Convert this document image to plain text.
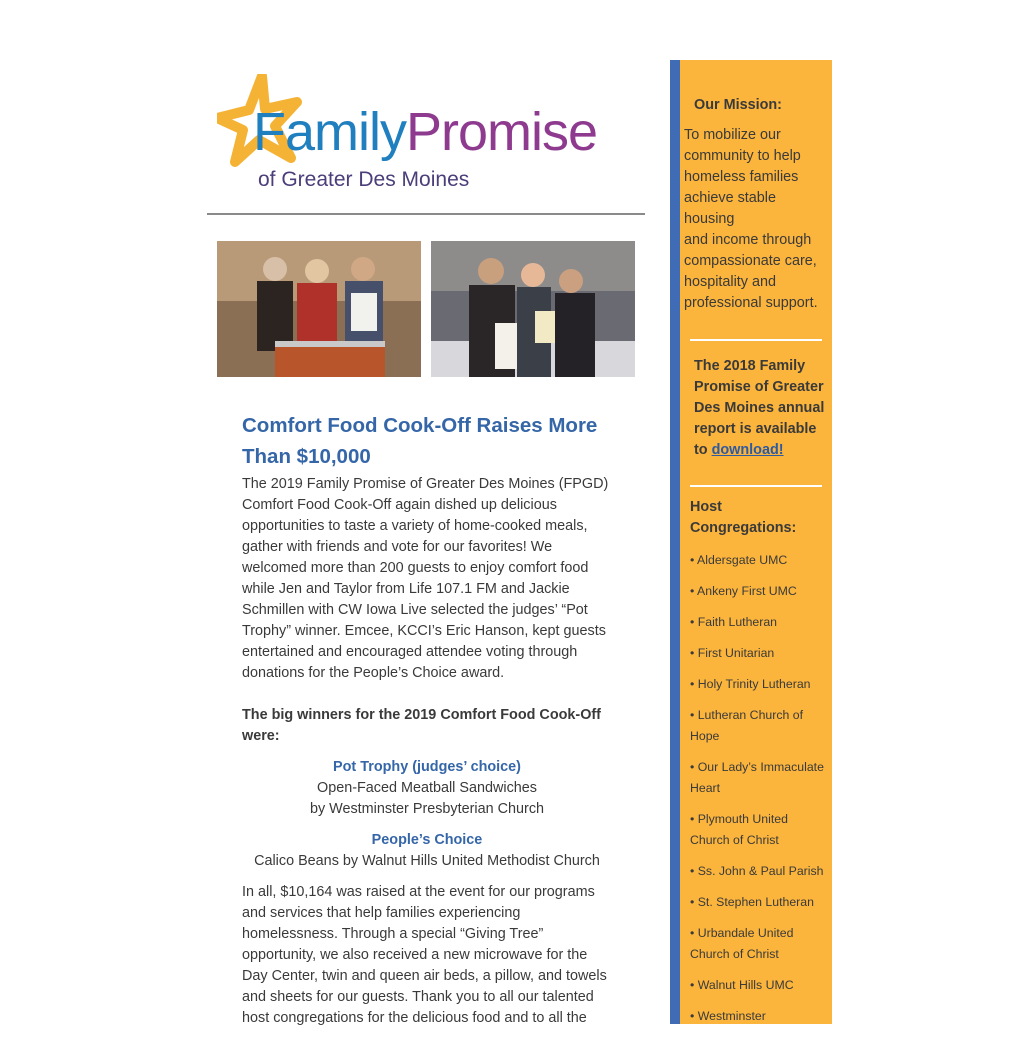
FamilyPromise
of Greater Des Moines
Comfort Food Cook-Off Raises More Than $10,000

The 2019 Family Promise of Greater Des Moines (FPGD) Comfort Food Cook-Off again dished up delicious opportunities to taste a variety of home-cooked meals, gather with friends and vote for our favorites! We welcomed more than 200 guests to enjoy comfort food while Jen and Taylor from Life 107.1 FM and Jackie Schmillen with CW Iowa Live selected the judges’ “Pot Trophy” winner. Emcee, KCCI’s Eric Hanson, kept guests entertained and encouraged attendee voting through donations for the People’s Choice award.

The big winners for the 2019 Comfort Food Cook-Off were:

Pot Trophy (judges’ choice)

Open-Faced Meatball Sandwiches

by Westminster Presbyterian Church

People’s Choice

Calico Beans by Walnut Hills United Methodist Church

In all, $10,164 was raised at the event for our programs and services that help families experiencing homelessness. Through a special “Giving Tree” opportunity, we also received a new microwave for the Day Center, twin and queen air beds, a pillow, and towels and sheets for our guests. Thank you to all our talented host congregations for the delicious food and to all the

Our Mission:
To mobilize our community to help homeless families achieve stable housing
and income through compassionate care, hospitality and professional support.
The 2018 Family Promise of Greater Des Moines annual report is available to download!
Host Congregations:
• Aldersgate UMC
• Ankeny First UMC
• Faith Lutheran
• First Unitarian
• Holy Trinity Lutheran
• Lutheran Church of Hope
• Our Lady’s Immaculate Heart
• Plymouth United Church of Christ
• Ss. John & Paul Parish
• St. Stephen Lutheran
• Urbandale United Church of Christ
• Walnut Hills UMC
• Westminster
